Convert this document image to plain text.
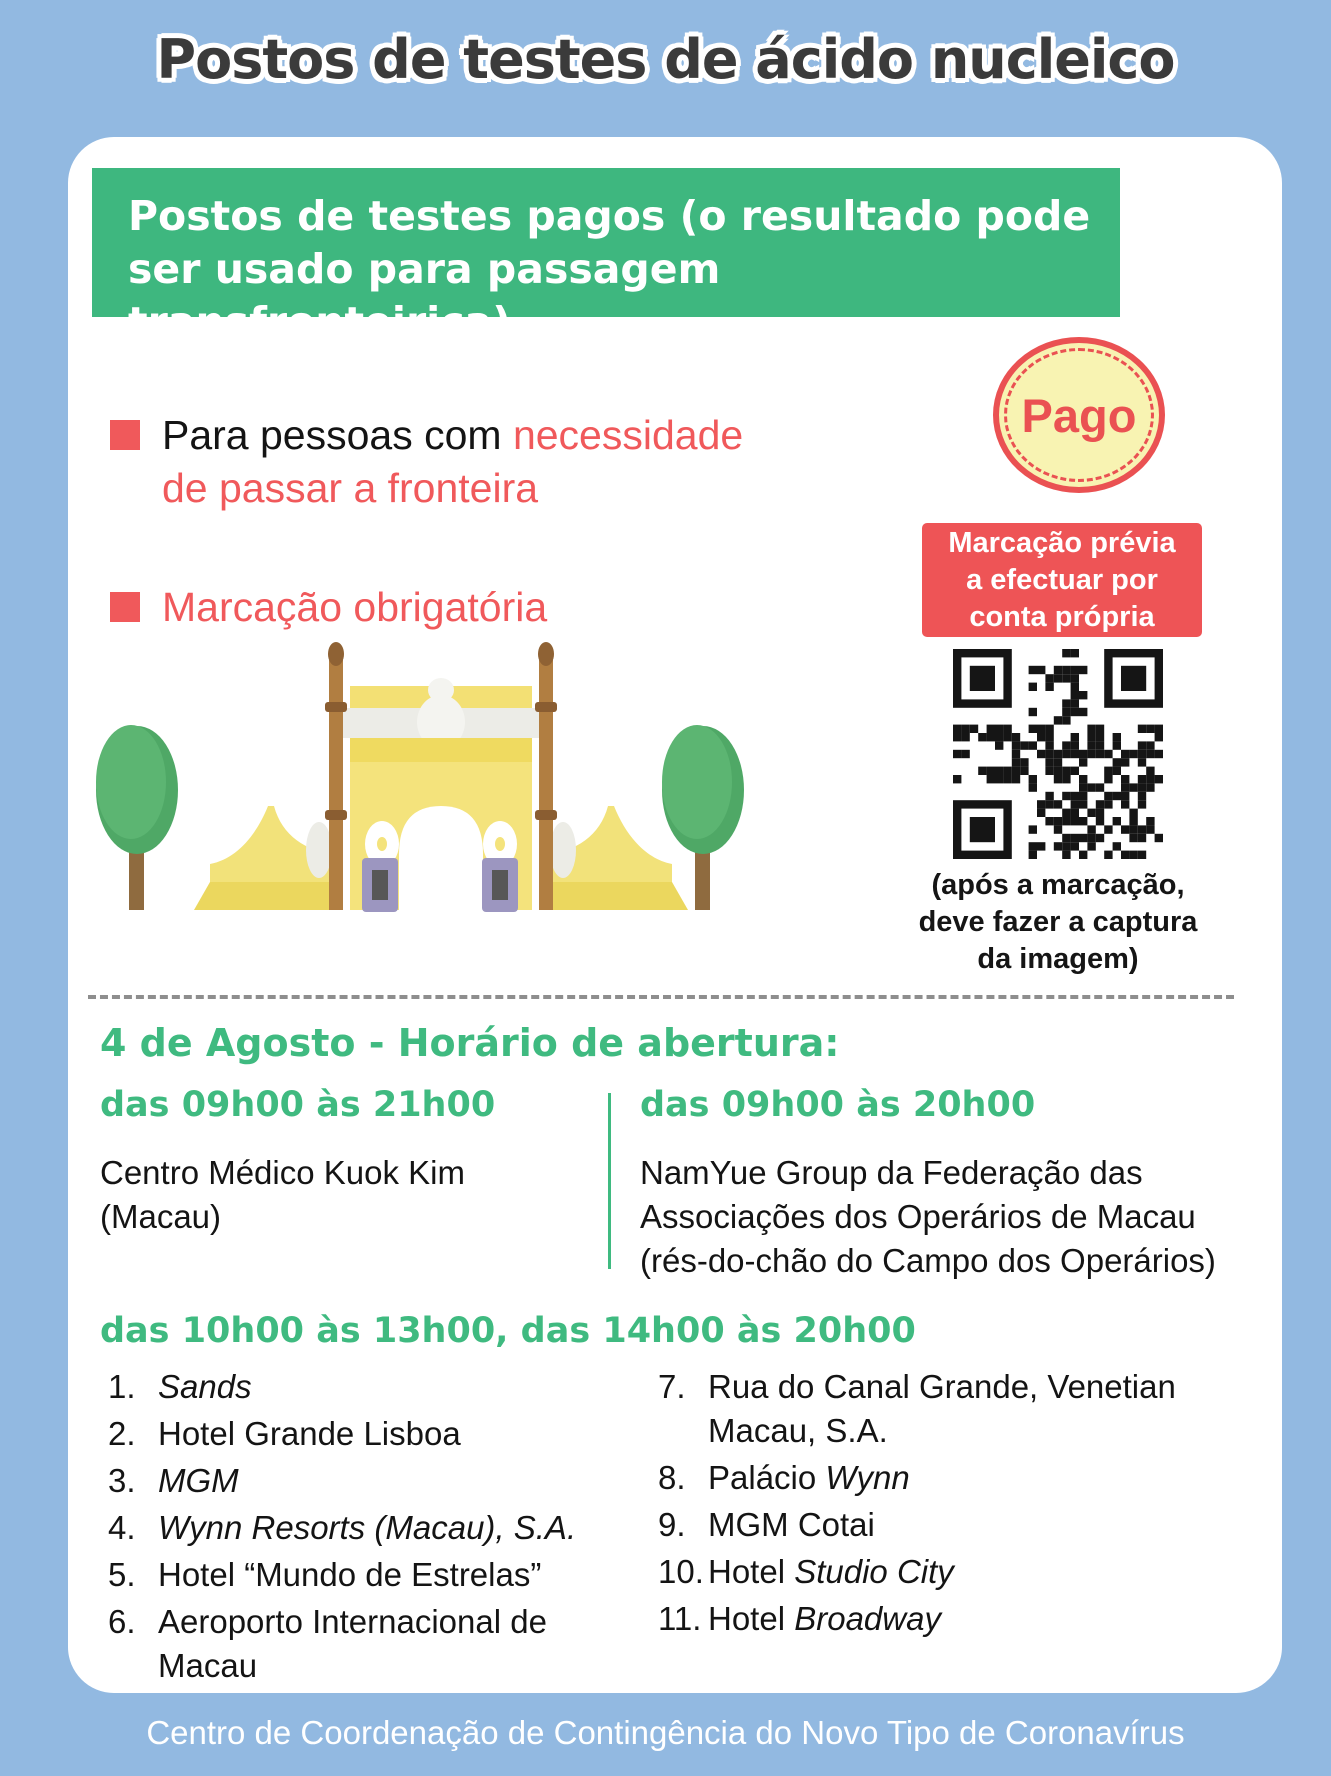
Postos de testes de ácido nucleico
Postos de testes pagos (o resultado pode ser usado para passagem transfronteiriça)

Para pessoas com necessidade de passar a fronteira

Marcação obrigatória

Pago
Marcação prévia
a efectuar por
conta própria
(após a marcação,
deve fazer a captura
da imagem)
4 de Agosto - Horário de abertura:
das 09h00 às 21h00

Centro Médico Kuok Kim (Macau)

das 09h00 às 20h00

NamYue Group da Federação das Associações dos Operários de Macau (rés-do-chão do Campo dos Operários)

das 10h00 às 13h00, das 14h00 às 20h00
1. Sands
2. Hotel Grande Lisboa
3. MGM
4. Wynn Resorts (Macau), S.A.
5. Hotel “Mundo de Estrelas”
6. Aeroporto Internacional de Macau
7. Rua do Canal Grande, Venetian Macau, S.A.
8. Palácio Wynn
9. MGM Cotai
10. Hotel Studio City
11. Hotel Broadway
Centro de Coordenação de Contingência do Novo Tipo de Coronavírus
